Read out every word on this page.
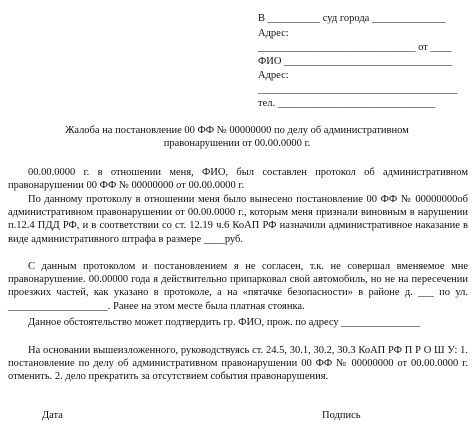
В __________ суд города ______________
Адрес:
______________________________ от ____
ФИО ________________________________
Адрес:
______________________________________
тел. ______________________________
Жалоба на постановление 00 ФФ № 00000000 по делу об административном
правонарушении от 00.00.0000 г.
00.00.0000 г. в отношении меня, ФИО, был составлен протокол об административном правонарушении 00 ФФ № 00000000 от 00.00.0000 г.
По данному протоколу в отношении меня было вынесено постановление 00 ФФ № 00000000об административном правонарушении от 00.00.0000 г., которым меня признали виновным в нарушении п.12.4 ПДД РФ, и в соответствии со ст. 12.19 ч.6 КоАП РФ назначили административное наказание в виде административного штрафа в размере ____руб.
С данным протоколом и постановлением я не согласен, т.к. не совершал вменяемое мне правонарушение. 00.00000 года я действительно припарковал свой автомобиль, но не на пересечении проезжих частей, как указано в протоколе, а на «пятачке безопасности» в районе д. ___ по ул. ___________________. Ранее на этом месте была платная стоянка.
Данное обстоятельство может подтвердить гр. ФИО, прож. по адресу _______________
На основании вышеизложенного, руководствуясь ст. 24.5, 30.1, 30.2, 30.3 КоАП РФ П Р О Ш У: 1. постановление по делу об административном правонарушении 00 ФФ № 00000000 от 00.00.0000 г. отменить. 2. дело прекратить за отсутствием события правонарушения.
Дата	Подпись
